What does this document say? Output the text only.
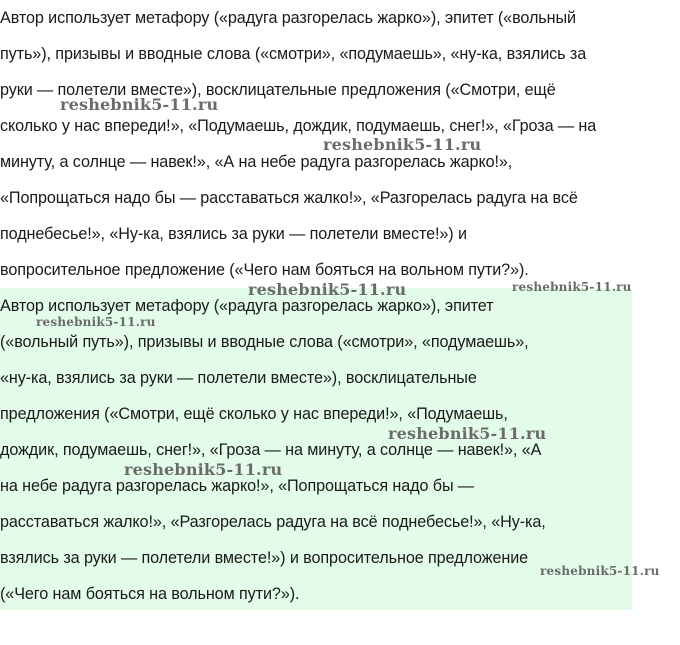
Автор использует метафору («радуга разгорелась жарко»), эпитет («вольный
путь»), призывы и вводные слова («смотри», «подумаешь», «ну-ка, взялись за
руки — полетели вместе»), восклицательные предложения («Смотри, ещё
сколько у нас впереди!», «Подумаешь, дождик, подумаешь, снег!», «Гроза — на
минуту, а солнце — навек!», «А на небе радуга разгорелась жарко!»,
«Попрощаться надо бы — расставаться жалко!», «Разгорелась радуга на всё
поднебесье!», «Ну-ка, взялись за руки — полетели вместе!») и
вопросительное предложение («Чего нам бояться на вольном пути?»).
Автор использует метафору («радуга разгорелась жарко»), эпитет
(«вольный путь»), призывы и вводные слова («смотри», «подумаешь»,
«ну-ка, взялись за руки — полетели вместе»), восклицательные
предложения («Смотри, ещё сколько у нас впереди!», «Подумаешь,
дождик, подумаешь, снег!», «Гроза — на минуту, а солнце — навек!», «А
на небе радуга разгорелась жарко!», «Попрощаться надо бы —
расставаться жалко!», «Разгорелась радуга на всё поднебесье!», «Ну-ка,
взялись за руки — полетели вместе!») и вопросительное предложение
(«Чего нам бояться на вольном пути?»).
reshebnik5-11.ru
reshebnik5-11.ru
reshebnik5-11.ru	reshebnik5-11.ru
reshebnik5-11.ru
reshebnik5-11.ru
reshebnik5-11.ru
reshebnik5-11.ru
